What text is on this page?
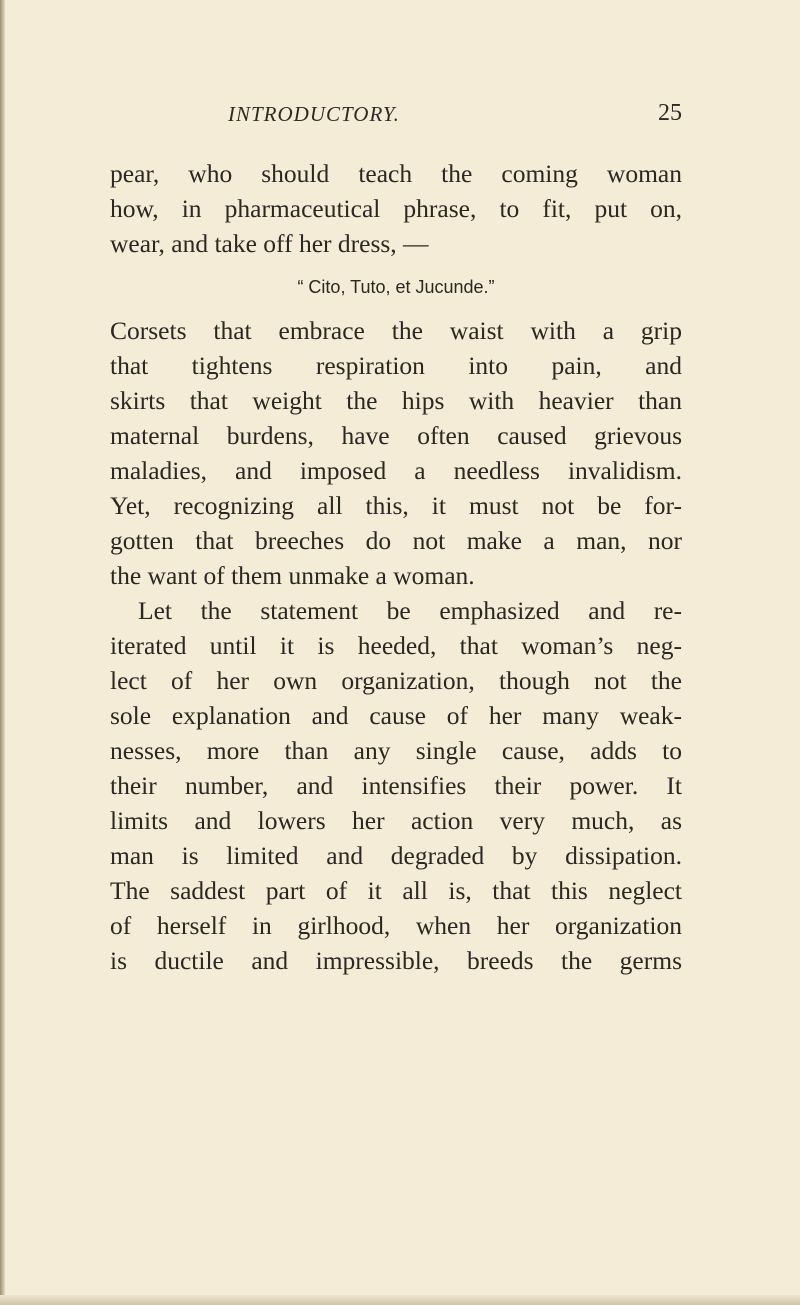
INTRODUCTORY.	25
pear, who should teach the coming woman
how, in pharmaceutical phrase, to fit, put on,
wear, and take off her dress, —
“ Cito, Tuto, et Jucunde.”
Corsets that embrace the waist with a grip
that tightens respiration into pain, and
skirts that weight the hips with heavier than
maternal burdens, have often caused grievous
maladies, and imposed a needless invalidism.
Yet, recognizing all this, it must not be for-
gotten that breeches do not make a man, nor
the want of them unmake a woman.
Let the statement be emphasized and re-
iterated until it is heeded, that woman’s neg-
lect of her own organization, though not the
sole explanation and cause of her many weak-
nesses, more than any single cause, adds to
their number, and intensifies their power. It
limits and lowers her action very much, as
man is limited and degraded by dissipation.
The saddest part of it all is, that this neglect
of herself in girlhood, when her organization
is ductile and impressible, breeds the germs
